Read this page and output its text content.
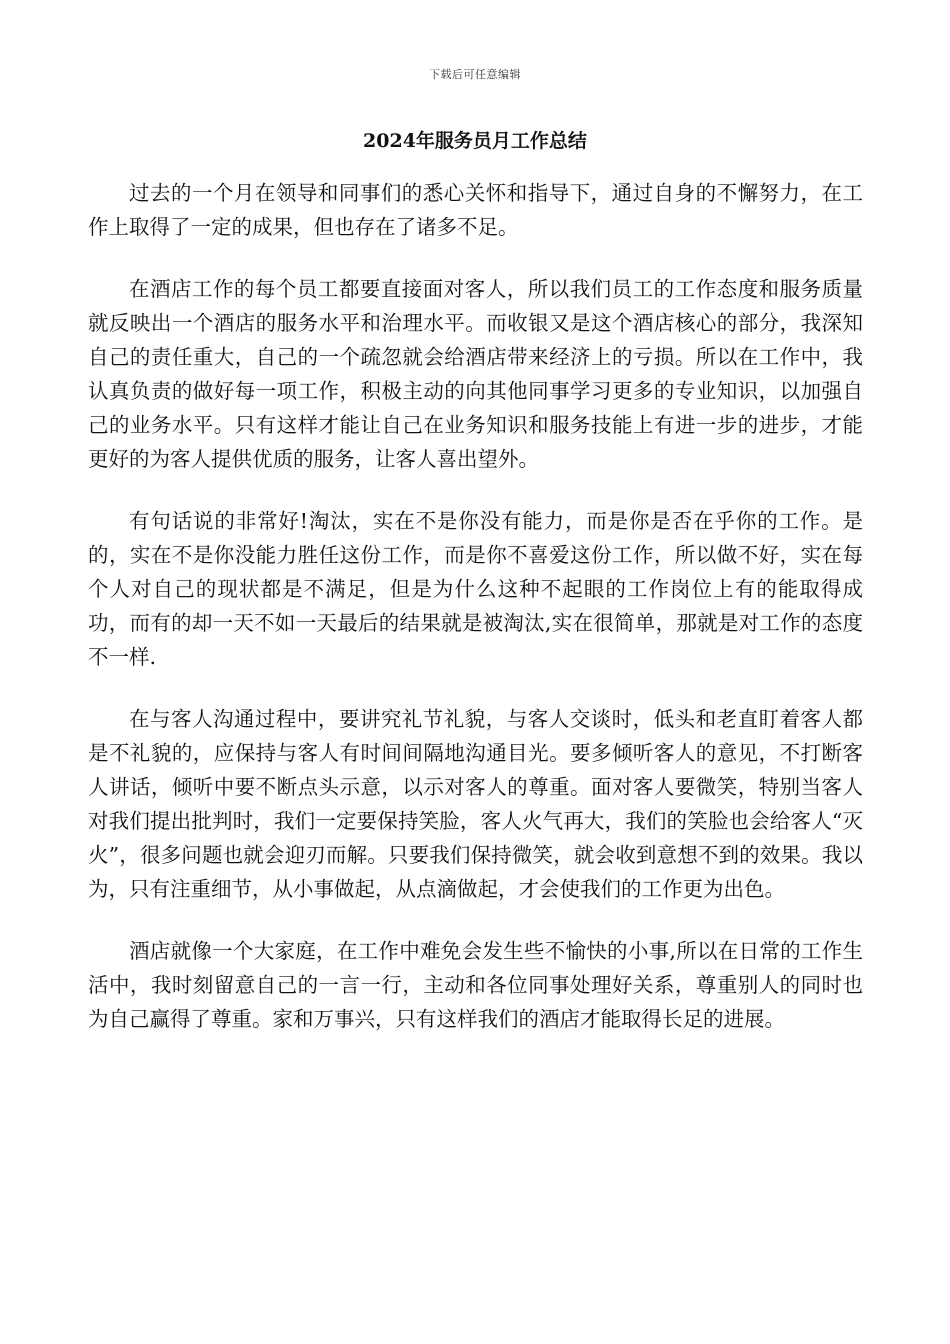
下载后可任意编辑
2024年服务员月工作总结

过去的一个月在领导和同事们的悉心关怀和指导下，通过自身的不懈努力，在工作上取得了一定的成果，但也存在了诸多不足。

在酒店工作的每个员工都要直接面对客人，所以我们员工的工作态度和服务质量就反映出一个酒店的服务水平和治理水平。而收银又是这个酒店核心的部分，我深知自己的责任重大，自己的一个疏忽就会给酒店带来经济上的亏损。所以在工作中，我认真负责的做好每一项工作，积极主动的向其他同事学习更多的专业知识，以加强自己的业务水平。只有这样才能让自己在业务知识和服务技能上有进一步的进步，才能更好的为客人提供优质的服务，让客人喜出望外。

有句话说的非常好!淘汰，实在不是你没有能力，而是你是否在乎你的工作。是的，实在不是你没能力胜任这份工作，而是你不喜爱这份工作，所以做不好，实在每个人对自己的现状都是不满足，但是为什么这种不起眼的工作岗位上有的能取得成功，而有的却一天不如一天最后的结果就是被淘汰,实在很简单，那就是对工作的态度不一样.

在与客人沟通过程中，要讲究礼节礼貌，与客人交谈时，低头和老直盯着客人都是不礼貌的，应保持与客人有时间间隔地沟通目光。要多倾听客人的意见，不打断客人讲话，倾听中要不断点头示意，以示对客人的尊重。面对客人要微笑，特别当客人对我们提出批判时，我们一定要保持笑脸，客人火气再大，我们的笑脸也会给客人“灭火”，很多问题也就会迎刃而解。只要我们保持微笑，就会收到意想不到的效果。我以为，只有注重细节，从小事做起，从点滴做起，才会使我们的工作更为出色。

酒店就像一个大家庭，在工作中难免会发生些不愉快的小事,所以在日常的工作生活中，我时刻留意自己的一言一行，主动和各位同事处理好关系，尊重别人的同时也为自己赢得了尊重。家和万事兴，只有这样我们的酒店才能取得长足的进展。
